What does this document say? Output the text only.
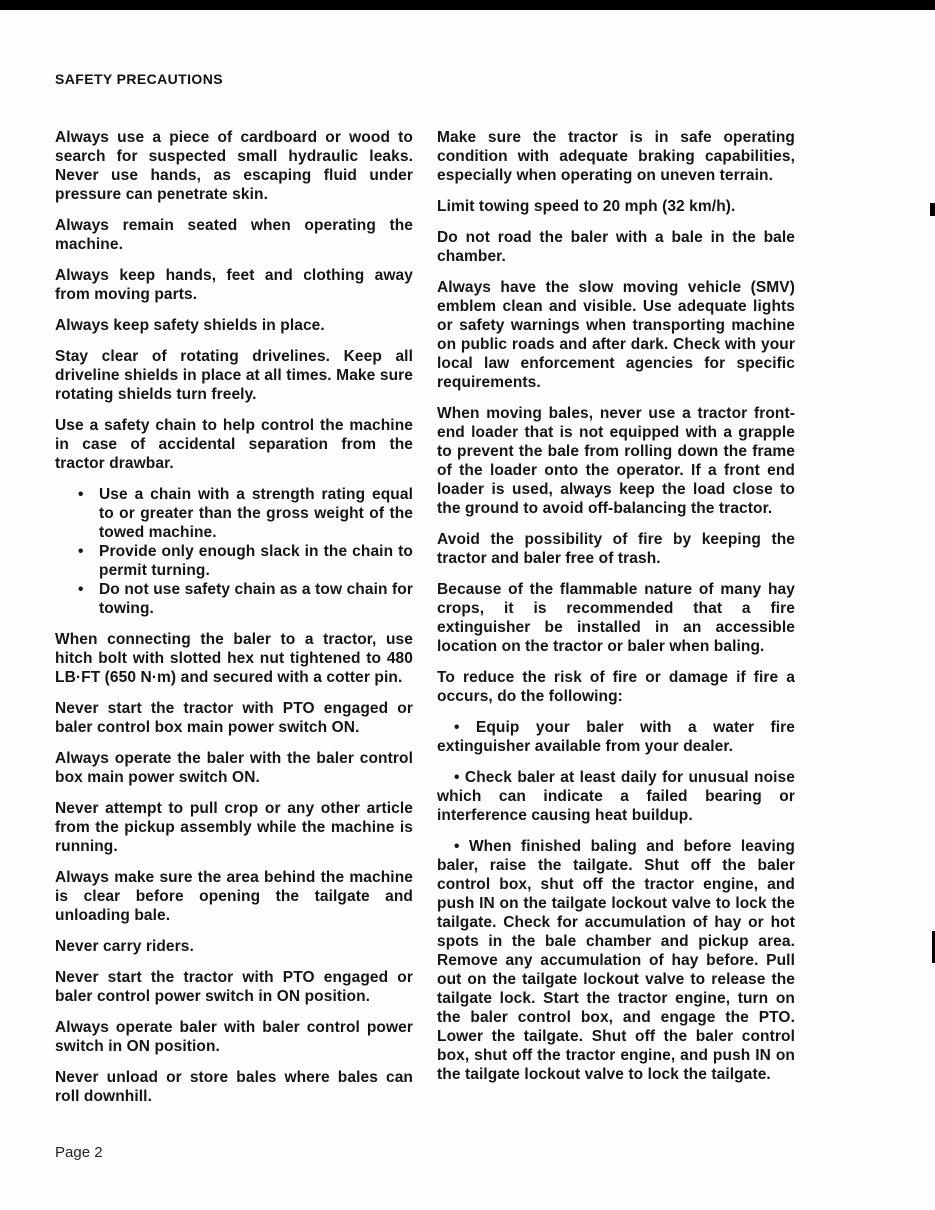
SAFETY PRECAUTIONS

Always use a piece of cardboard or wood to search for suspected small hydraulic leaks. Never use hands, as escaping fluid under pressure can penetrate skin.

Always remain seated when operating the machine.

Always keep hands, feet and clothing away from moving parts.

Always keep safety shields in place.

Stay clear of rotating drivelines. Keep all driveline shields in place at all times. Make sure rotating shields turn freely.

Use a safety chain to help control the machine in case of accidental separation from the tractor drawbar.

• Use a chain with a strength rating equal to or greater than the gross weight of the towed machine.
• Provide only enough slack in the chain to permit turning.
• Do not use safety chain as a tow chain for towing.

When connecting the baler to a tractor, use hitch bolt with slotted hex nut tightened to 480 LB·FT (650 N·m) and secured with a cotter pin.

Never start the tractor with PTO engaged or baler control box main power switch ON.

Always operate the baler with the baler control box main power switch ON.

Never attempt to pull crop or any other article from the pickup assembly while the machine is running.

Always make sure the area behind the machine is clear before opening the tailgate and unloading bale.

Never carry riders.

Never start the tractor with PTO engaged or baler control power switch in ON position.

Always operate baler with baler control power switch in ON position.

Never unload or store bales where bales can roll downhill.

Make sure the tractor is in safe operating condition with adequate braking capabilities, especially when operating on uneven terrain.

Limit towing speed to 20 mph (32 km/h).

Do not road the baler with a bale in the bale chamber.

Always have the slow moving vehicle (SMV) emblem clean and visible. Use adequate lights or safety warnings when transporting machine on public roads and after dark. Check with your local law enforcement agencies for specific requirements.

When moving bales, never use a tractor front-end loader that is not equipped with a grapple to prevent the bale from rolling down the frame of the loader onto the operator. If a front end loader is used, always keep the load close to the ground to avoid off-balancing the tractor.

Avoid the possibility of fire by keeping the tractor and baler free of trash.

Because of the flammable nature of many hay crops, it is recommended that a fire extinguisher be installed in an accessible location on the tractor or baler when baling.

To reduce the risk of fire or damage if fire a occurs, do the following:

• Equip your baler with a water fire extinguisher available from your dealer.

• Check baler at least daily for unusual noise which can indicate a failed bearing or interference causing heat buildup.

• When finished baling and before leaving baler, raise the tailgate. Shut off the baler control box, shut off the tractor engine, and push IN on the tailgate lockout valve to lock the tailgate. Check for accumulation of hay or hot spots in the bale chamber and pickup area. Remove any accumulation of hay before. Pull out on the tailgate lockout valve to release the tailgate lock. Start the tractor engine, turn on the baler control box, and engage the PTO. Lower the tailgate. Shut off the baler control box, shut off the tractor engine, and push IN on the tailgate lockout valve to lock the tailgate.

Page 2
